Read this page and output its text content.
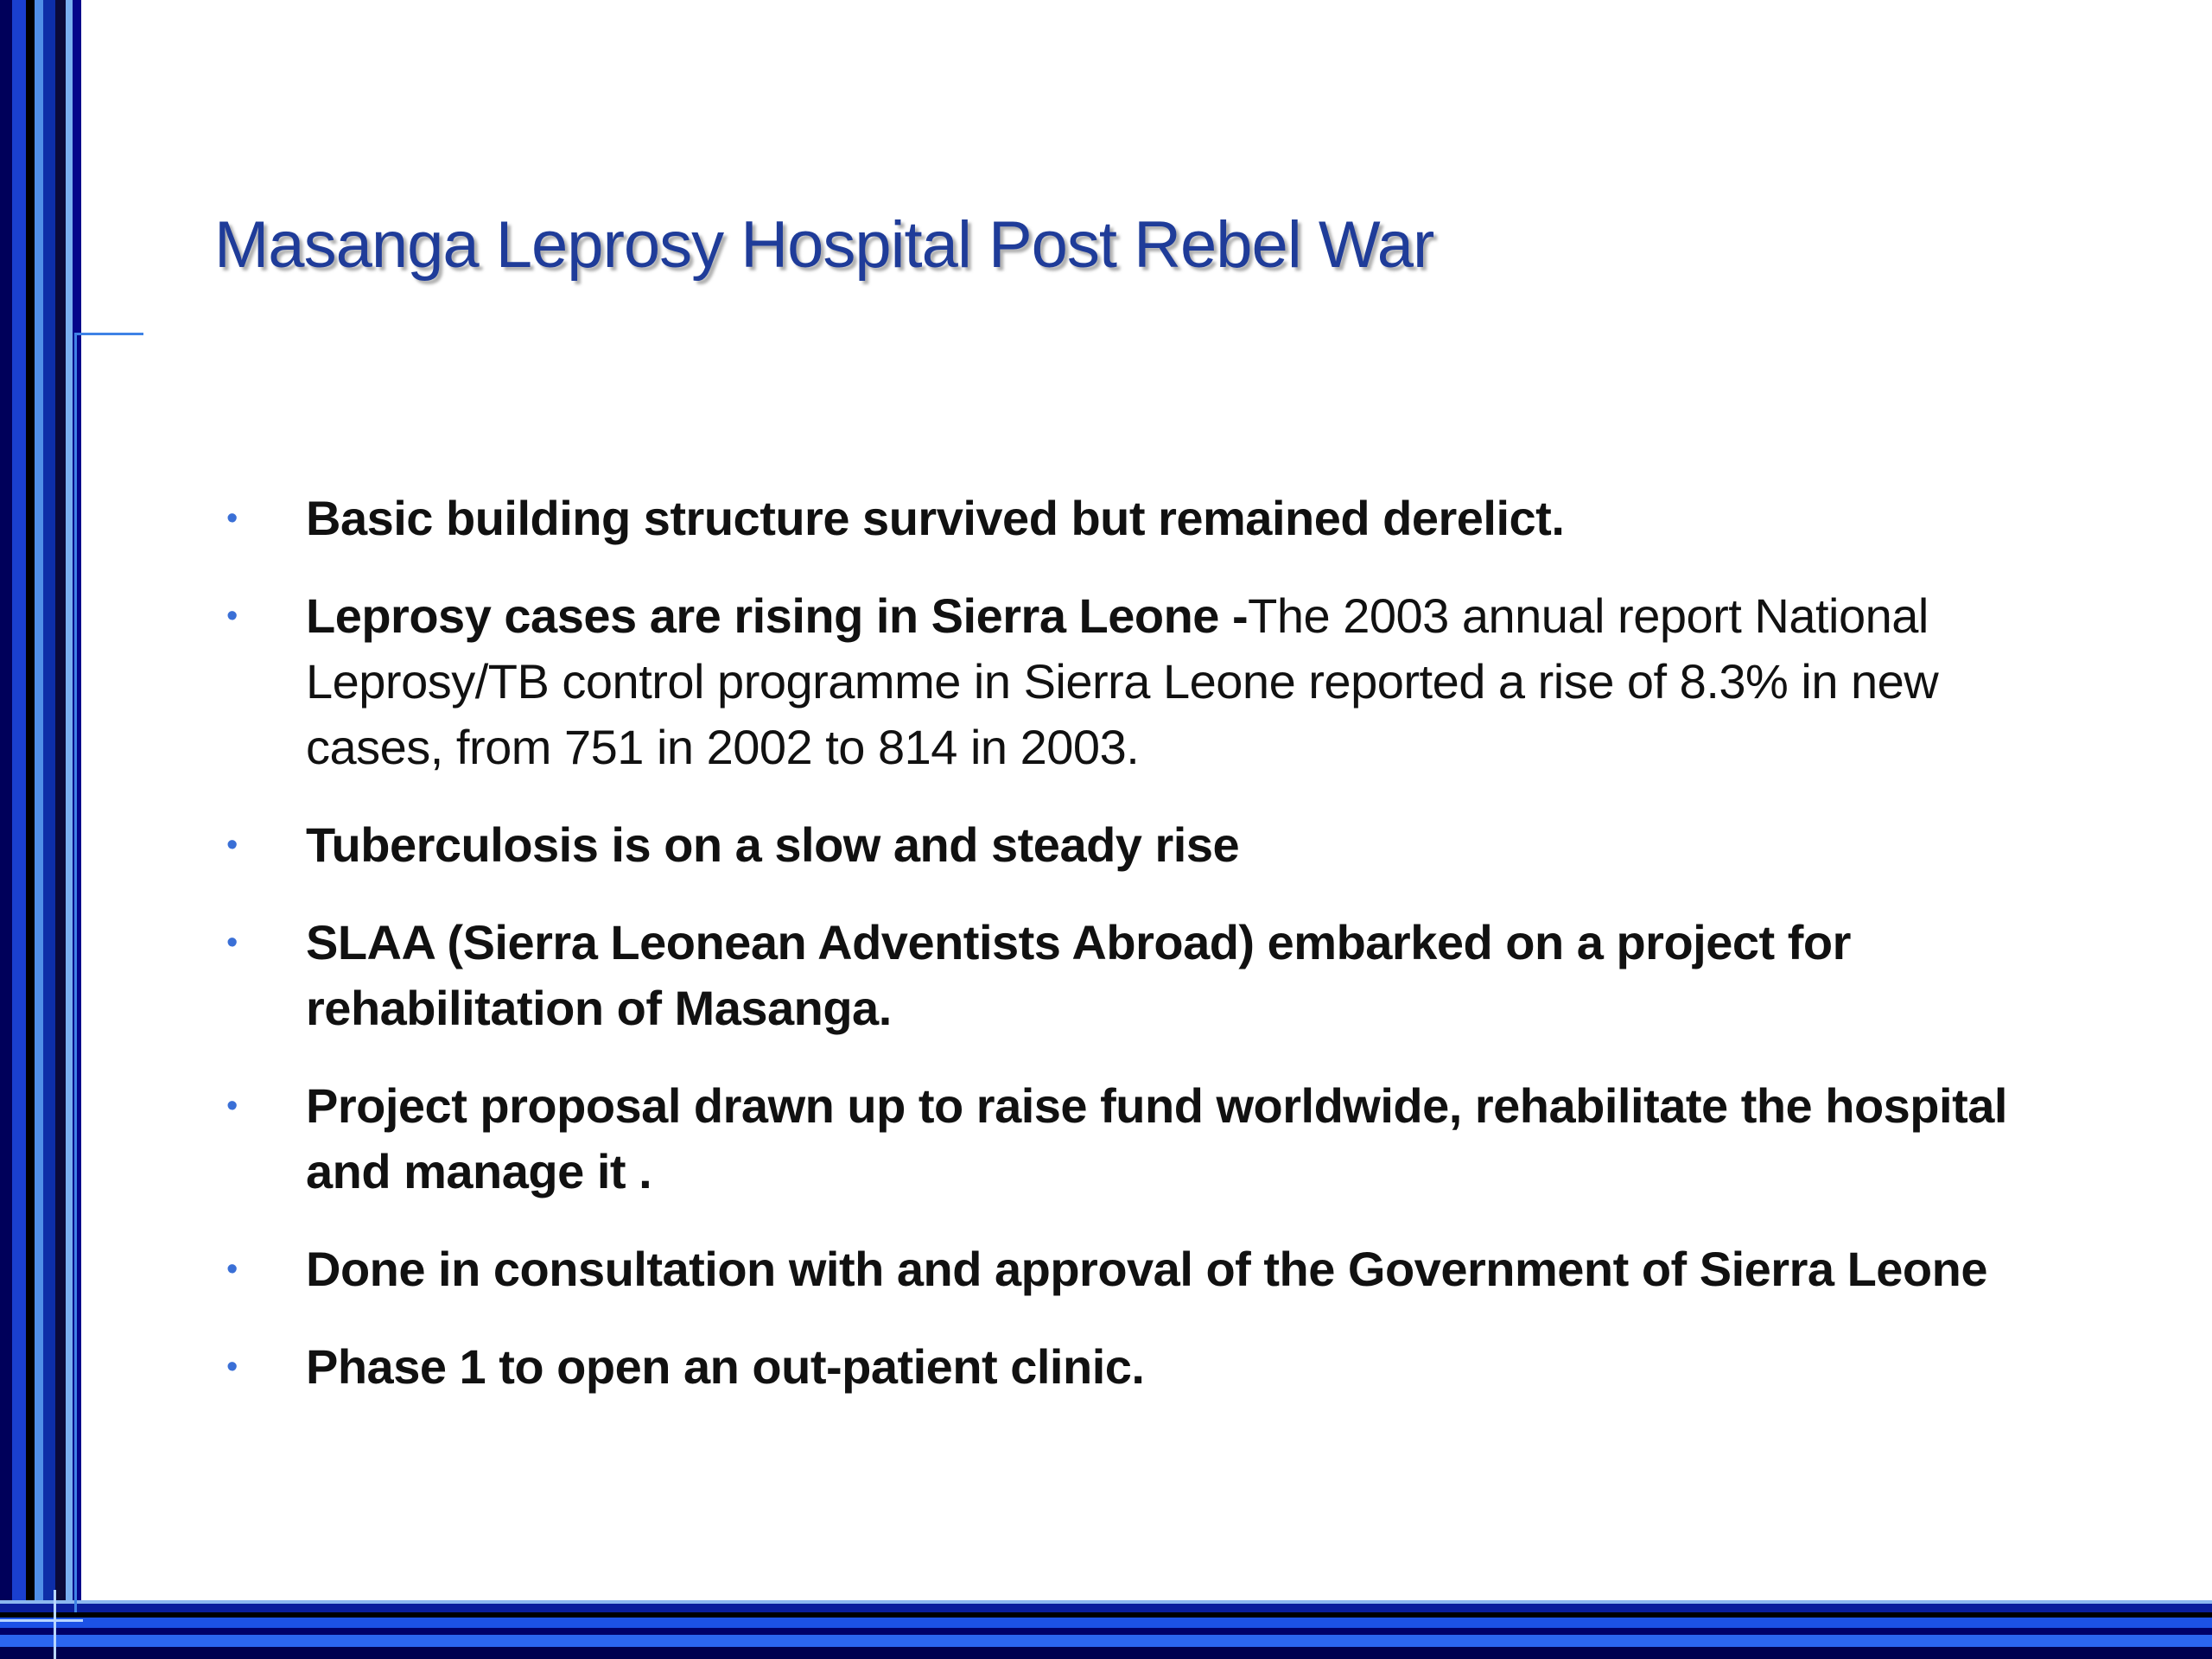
Masanga Leprosy Hospital Post Rebel War
• Basic building structure survived but remained derelict.
• Leprosy cases are rising in Sierra Leone -The 2003 annual report National Leprosy/TB control programme in Sierra Leone reported a rise of 8.3% in new cases, from 751 in 2002 to 814 in 2003.
• Tuberculosis is on a slow and steady rise
• SLAA (Sierra Leonean Adventists Abroad) embarked on a project for rehabilitation of Masanga.
• Project proposal drawn up to raise fund worldwide, rehabilitate the hospital and manage it .
• Done in consultation with and approval of the Government of Sierra Leone
• Phase 1 to open an out-patient clinic.
